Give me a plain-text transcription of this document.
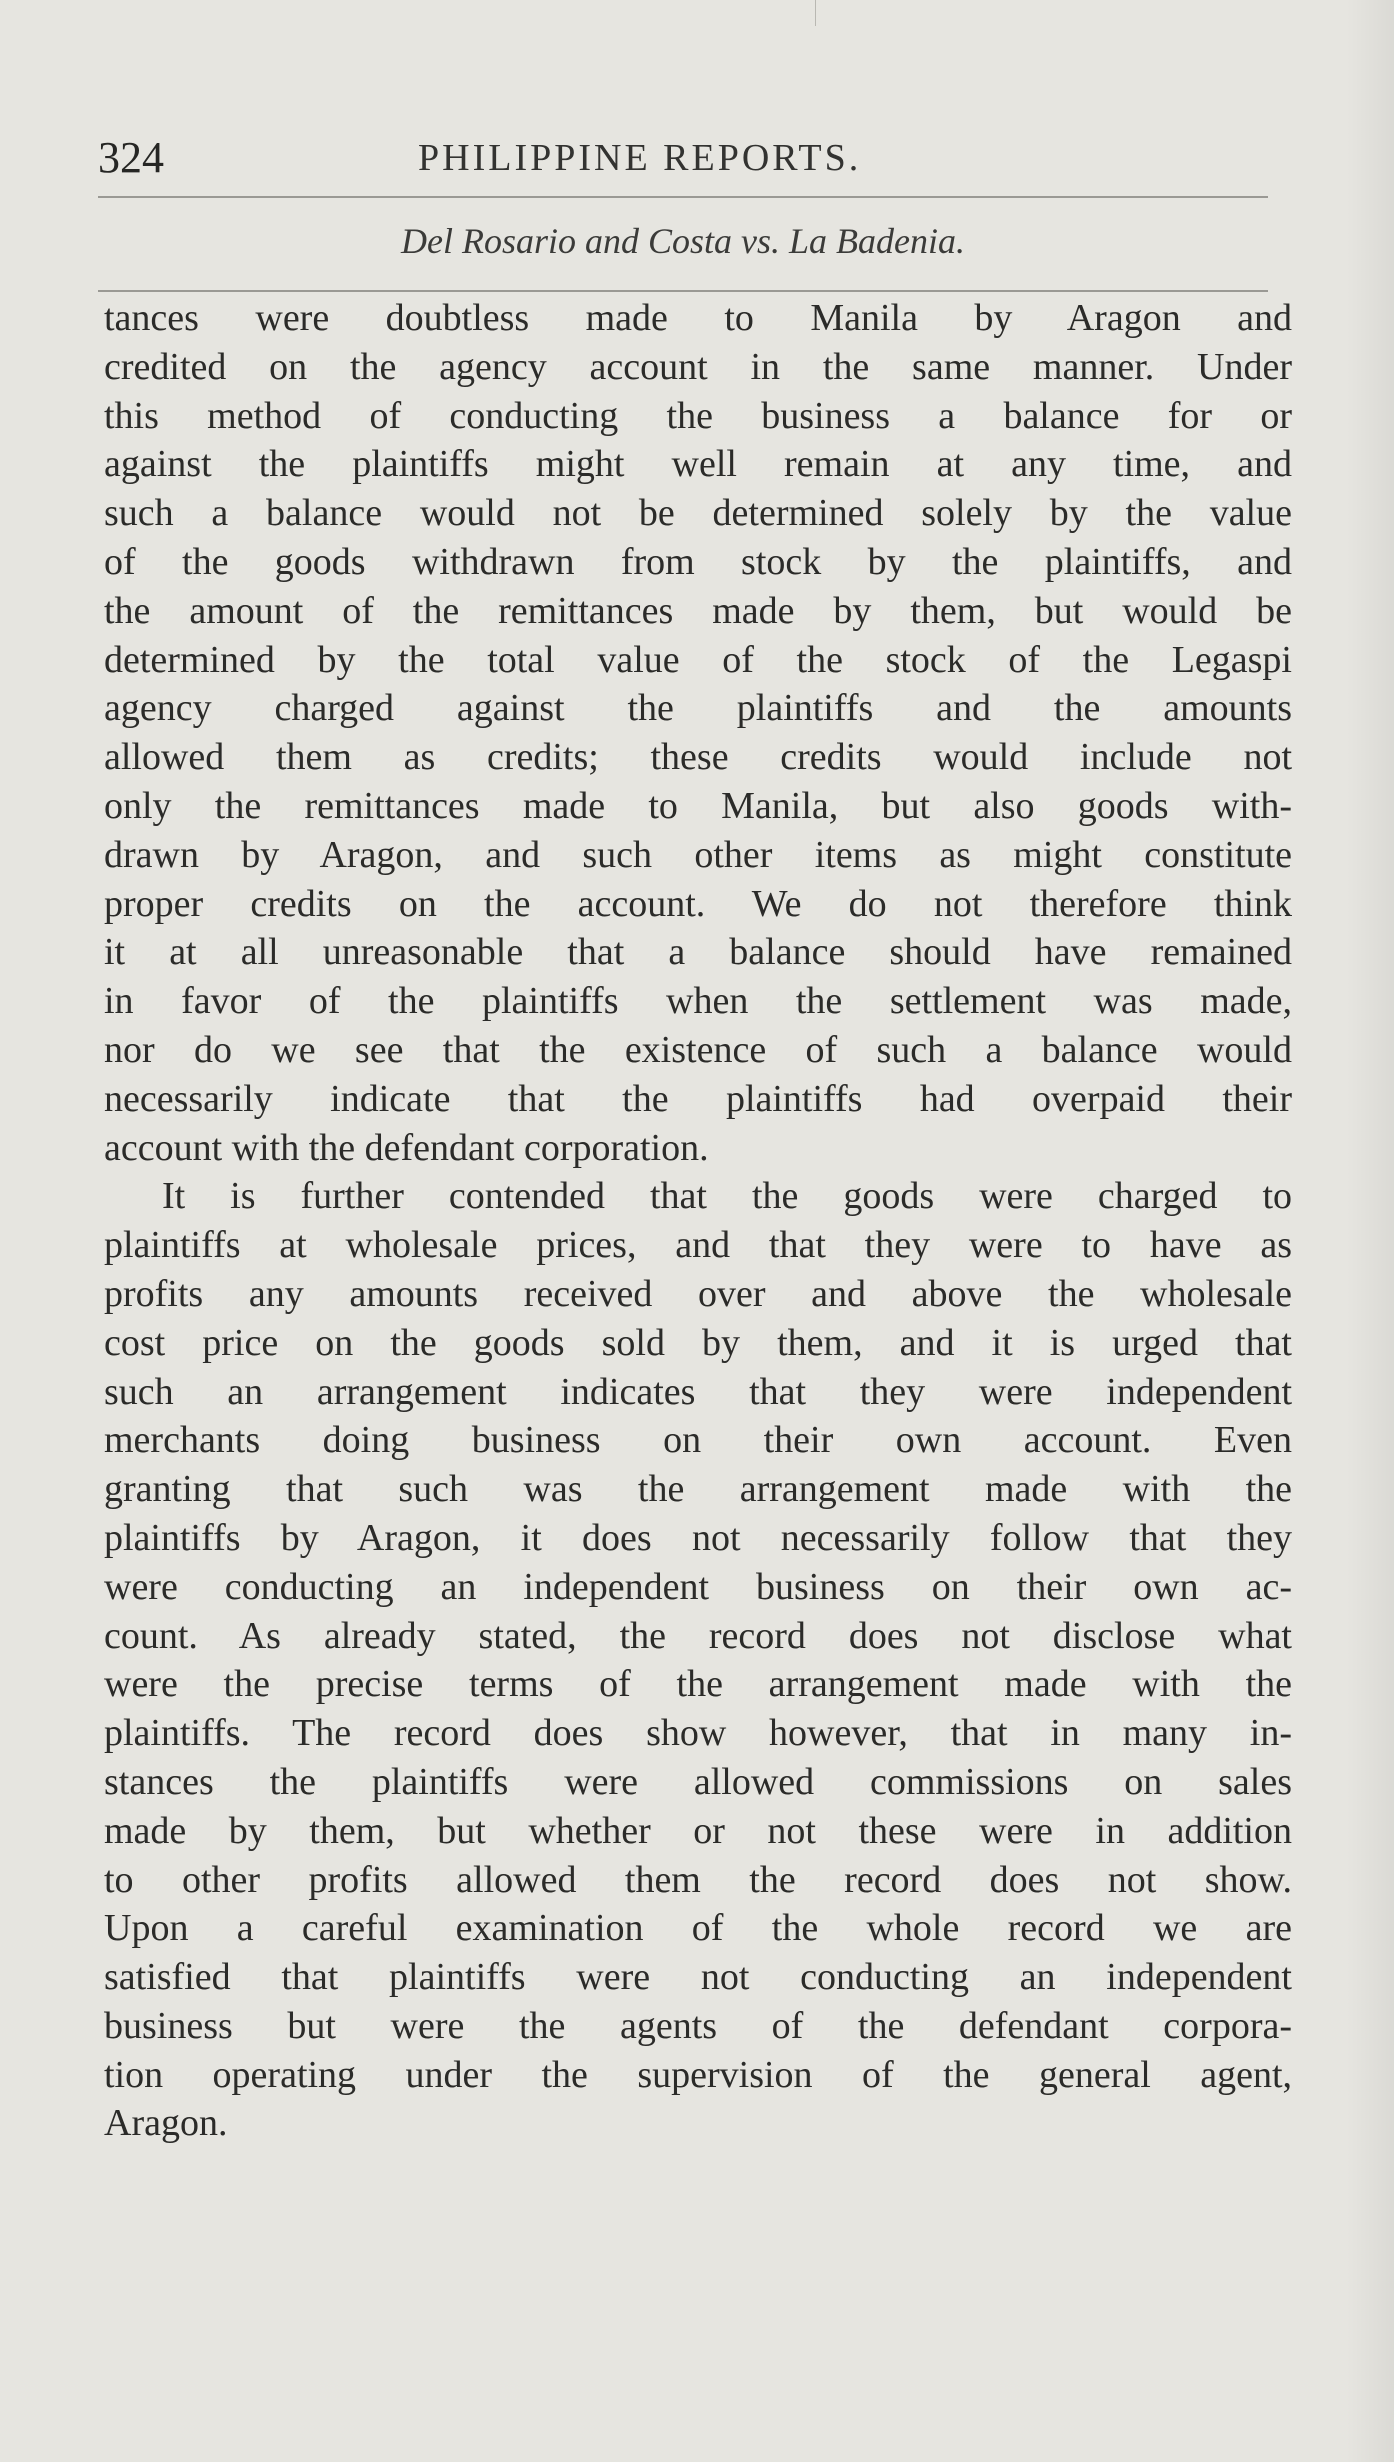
324	PHILIPPINE REPORTS.
Del Rosario and Costa vs. La Badenia.
tances were doubtless made to Manila by Aragon and
credited on the agency account in the same manner. Under
this method of conducting the business a balance for or
against the plaintiffs might well remain at any time, and
such a balance would not be determined solely by the value
of the goods withdrawn from stock by the plaintiffs, and
the amount of the remittances made by them, but would be
determined by the total value of the stock of the Legaspi
agency charged against the plaintiffs and the amounts
allowed them as credits; these credits would include not
only the remittances made to Manila, but also goods with-
drawn by Aragon, and such other items as might constitute
proper credits on the account. We do not therefore think
it at all unreasonable that a balance should have remained
in favor of the plaintiffs when the settlement was made,
nor do we see that the existence of such a balance would
necessarily indicate that the plaintiffs had overpaid their
account with the defendant corporation.
It is further contended that the goods were charged to
plaintiffs at wholesale prices, and that they were to have as
profits any amounts received over and above the wholesale
cost price on the goods sold by them, and it is urged that
such an arrangement indicates that they were independent
merchants doing business on their own account. Even
granting that such was the arrangement made with the
plaintiffs by Aragon, it does not necessarily follow that they
were conducting an independent business on their own ac-
count. As already stated, the record does not disclose what
were the precise terms of the arrangement made with the
plaintiffs. The record does show however, that in many in-
stances the plaintiffs were allowed commissions on sales
made by them, but whether or not these were in addition
to other profits allowed them the record does not show.
Upon a careful examination of the whole record we are
satisfied that plaintiffs were not conducting an independent
business but were the agents of the defendant corpora-
tion operating under the supervision of the general agent,
Aragon.
